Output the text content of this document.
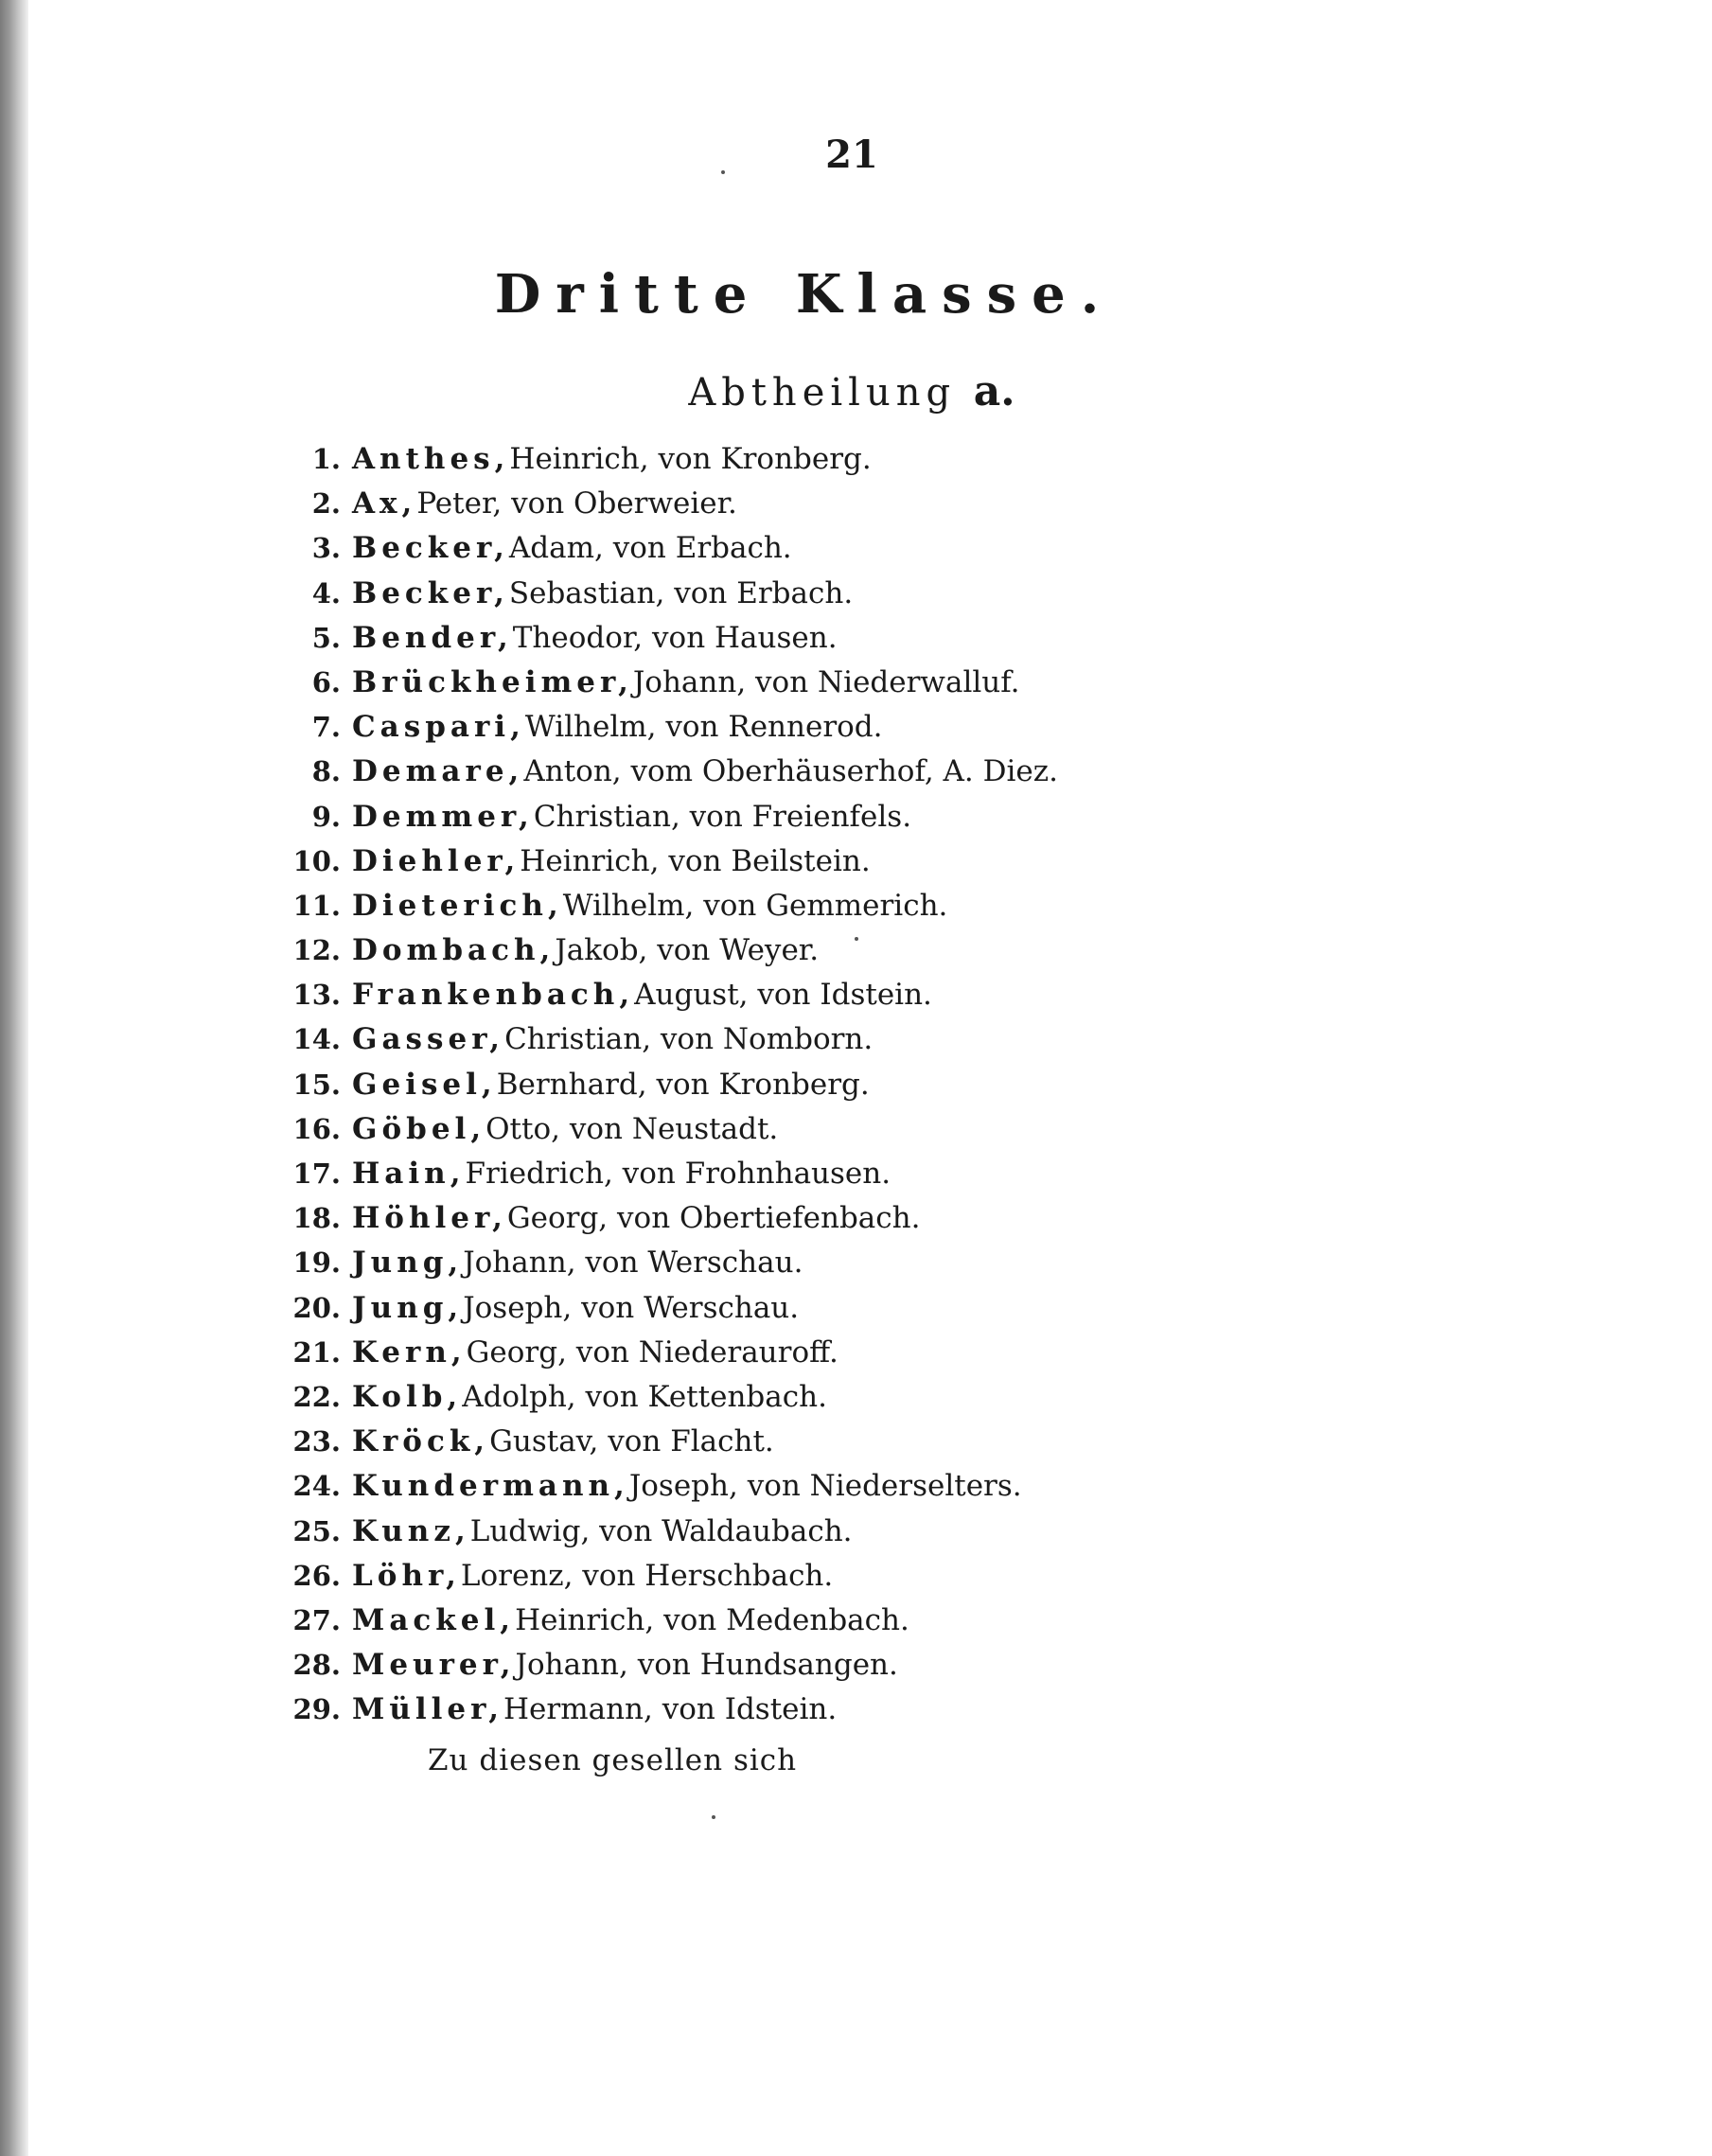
21
Dritte Klasse.
Abtheilung a.
1. Anthes, Heinrich, von Kronberg.
2. Ax, Peter, von Oberweier.
3. Becker, Adam, von Erbach.
4. Becker, Sebastian, von Erbach.
5. Bender, Theodor, von Hausen.
6. Brückheimer, Johann, von Niederwalluf.
7. Caspari, Wilhelm, von Rennerod.
8. Demare, Anton, vom Oberhäuserhof, A. Diez.
9. Demmer, Christian, von Freienfels.
10. Diehler, Heinrich, von Beilstein.
11. Dieterich, Wilhelm, von Gemmerich.
12. Dombach, Jakob, von Weyer.
13. Frankenbach, August, von Idstein.
14. Gasser, Christian, von Nomborn.
15. Geisel, Bernhard, von Kronberg.
16. Göbel, Otto, von Neustadt.
17. Hain, Friedrich, von Frohnhausen.
18. Höhler, Georg, von Obertiefenbach.
19. Jung, Johann, von Werschau.
20. Jung, Joseph, von Werschau.
21. Kern, Georg, von Niederauroff.
22. Kolb, Adolph, von Kettenbach.
23. Kröck, Gustav, von Flacht.
24. Kundermann, Joseph, von Niederselters.
25. Kunz, Ludwig, von Waldaubach.
26. Löhr, Lorenz, von Herschbach.
27. Mackel, Heinrich, von Medenbach.
28. Meurer, Johann, von Hundsangen.
29. Müller, Hermann, von Idstein.
Zu diesen gesellen sich
